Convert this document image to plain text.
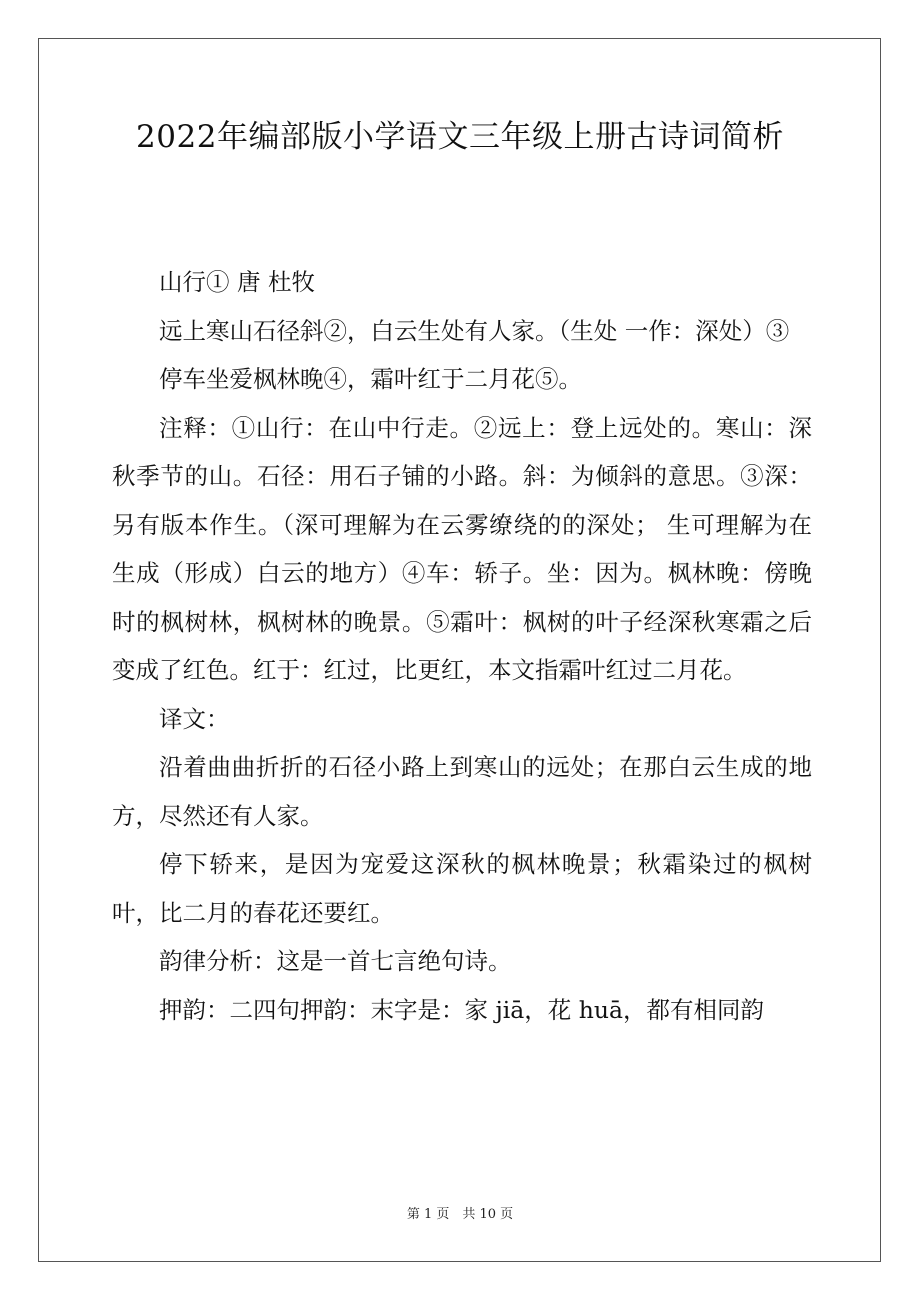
2022年编部版小学语文三年级上册古诗词简析

山行① 唐 杜牧

远上寒山石径斜②，白云生处有人家。（生处 一作：深处）③

停车坐爱枫林晚④，霜叶红于二月花⑤。

注释：①山行：在山中行走。②远上：登上远处的。寒山：深秋季节的山。石径：用石子铺的小路。斜：为倾斜的意思。③深：另有版本作生。（深可理解为在云雾缭绕的的深处； 生可理解为在生成（形成）白云的地方）④车：轿子。坐：因为。枫林晚：傍晚时的枫树林，枫树林的晚景。⑤霜叶：枫树的叶子经深秋寒霜之后变成了红色。红于：红过，比更红，本文指霜叶红过二月花。

译文：

沿着曲曲折折的石径小路上到寒山的远处；在那白云生成的地方，尽然还有人家。

停下轿来，是因为宠爱这深秋的枫林晚景；秋霜染过的枫树叶，比二月的春花还要红。

韵律分析：这是一首七言绝句诗。

押韵：二四句押韵：末字是：家 jiā，花 huā，都有相同韵

第 1 页　共 10 页
